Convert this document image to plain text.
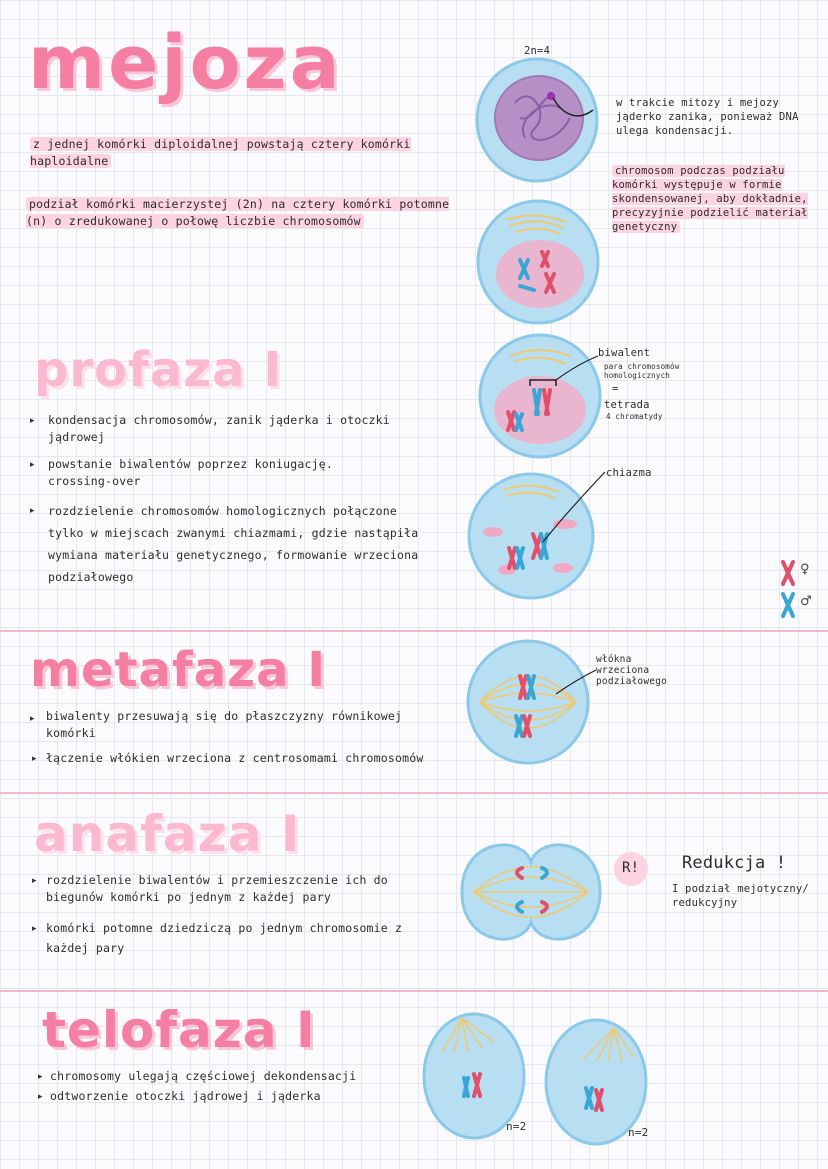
mejoza
z jednej komórki diploidalnej powstają cztery komórki haploidalne
podział komórki macierzystej (2n) na cztery komórki potomne (n) o zredukowanej o połowę liczbie chromosomów
2n=4
w trakcie mitozy i mejozy jąderko zanika, ponieważ DNA ulega kondensacji.
chromosom podczas podziału komórki występuje w formie skondensowanej, aby dokładnie, precyzyjnie podzielić materiał genetyczny
profaza I
▸ kondensacja chromosomów, zanik jąderka i otoczki jądrowej
▸ powstanie biwalentów poprzez koniugację. crossing-over
▸ rozdzielenie chromosomów homologicznych połączone tylko w miejscach zwanymi chiazmami, gdzie nastąpiła wymiana materiału genetycznego, formowanie wrzeciona podziałowego
biwalent
para chromosomów homologicznych
=
tetrada
4 chromatydy
chiazma
♀
♂
metafaza I
▸ biwalenty przesuwają się do płaszczyzny równikowej komórki
▸ łączenie włókien wrzeciona z centrosomami chromosomów
włókna wrzeciona podziałowego
anafaza I
▸ rozdzielenie biwalentów i przemieszczenie ich do biegunów komórki po jednym z każdej pary
▸ komórki potomne dziedziczą po jednym chromosomie z każdej pary
R!	Redukcja !
I podział mejotyczny/ redukcyjny
telofaza I
▸ chromosomy ulegają częściowej dekondensacji
▸ odtworzenie otoczki jądrowej i jąderka
n=2	n=2
